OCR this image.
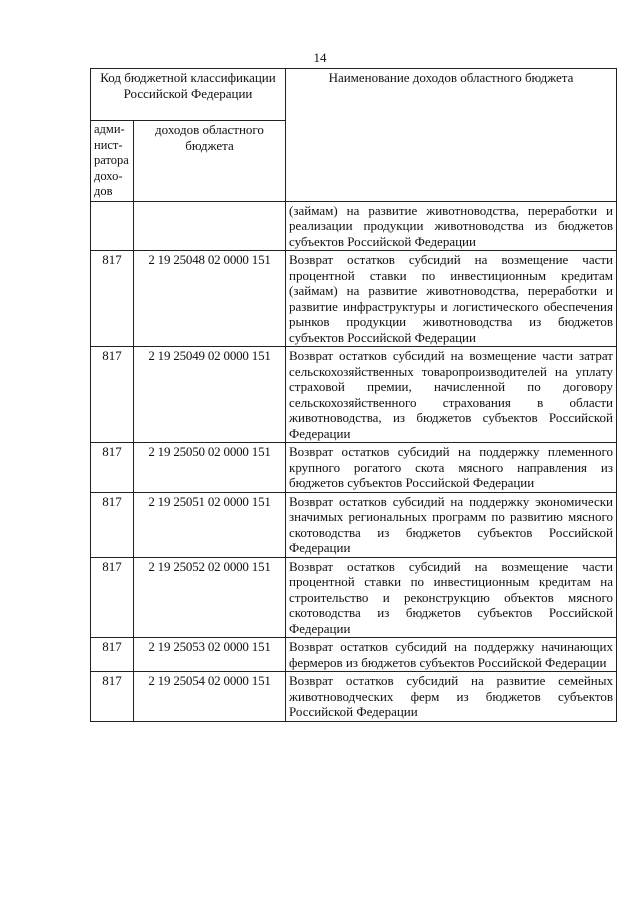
14
Код бюджетной классификации Российской Федерации		Наименование доходов областного бюджета
адми-нист-ратора дохо-дов	доходов областного бюджета	
		(займам) на развитие животноводства, переработки и реализации продукции животноводства из бюджетов субъектов Российской Федерации
817	2 19 25048 02 0000 151	Возврат остатков субсидий на возмещение части процентной ставки по инвестиционным кредитам (займам) на развитие животноводства, переработки и развитие инфраструктуры и логистического обеспечения рынков продукции животноводства из бюджетов субъектов Российской Федерации
817	2 19 25049 02 0000 151	Возврат остатков субсидий на возмещение части затрат сельскохозяйственных товаропроизводителей на уплату страховой премии, начисленной по договору сельскохозяйственного страхования в области животноводства, из бюджетов субъектов Российской Федерации
817	2 19 25050 02 0000 151	Возврат остатков субсидий на поддержку племенного крупного рогатого скота мясного направления из бюджетов субъектов Российской Федерации
817	2 19 25051 02 0000 151	Возврат остатков субсидий на поддержку экономически значимых региональных программ по развитию мясного скотоводства из бюджетов субъектов Российской Федерации
817	2 19 25052 02 0000 151	Возврат остатков субсидий на возмещение части процентной ставки по инвестиционным кредитам на строительство и реконструкцию объектов мясного скотоводства из бюджетов субъектов Российской Федерации
817	2 19 25053 02 0000 151	Возврат остатков субсидий на поддержку начинающих фермеров из бюджетов субъектов Российской Федерации
817	2 19 25054 02 0000 151	Возврат остатков субсидий на развитие семейных животноводческих ферм из бюджетов субъектов Российской Федерации
